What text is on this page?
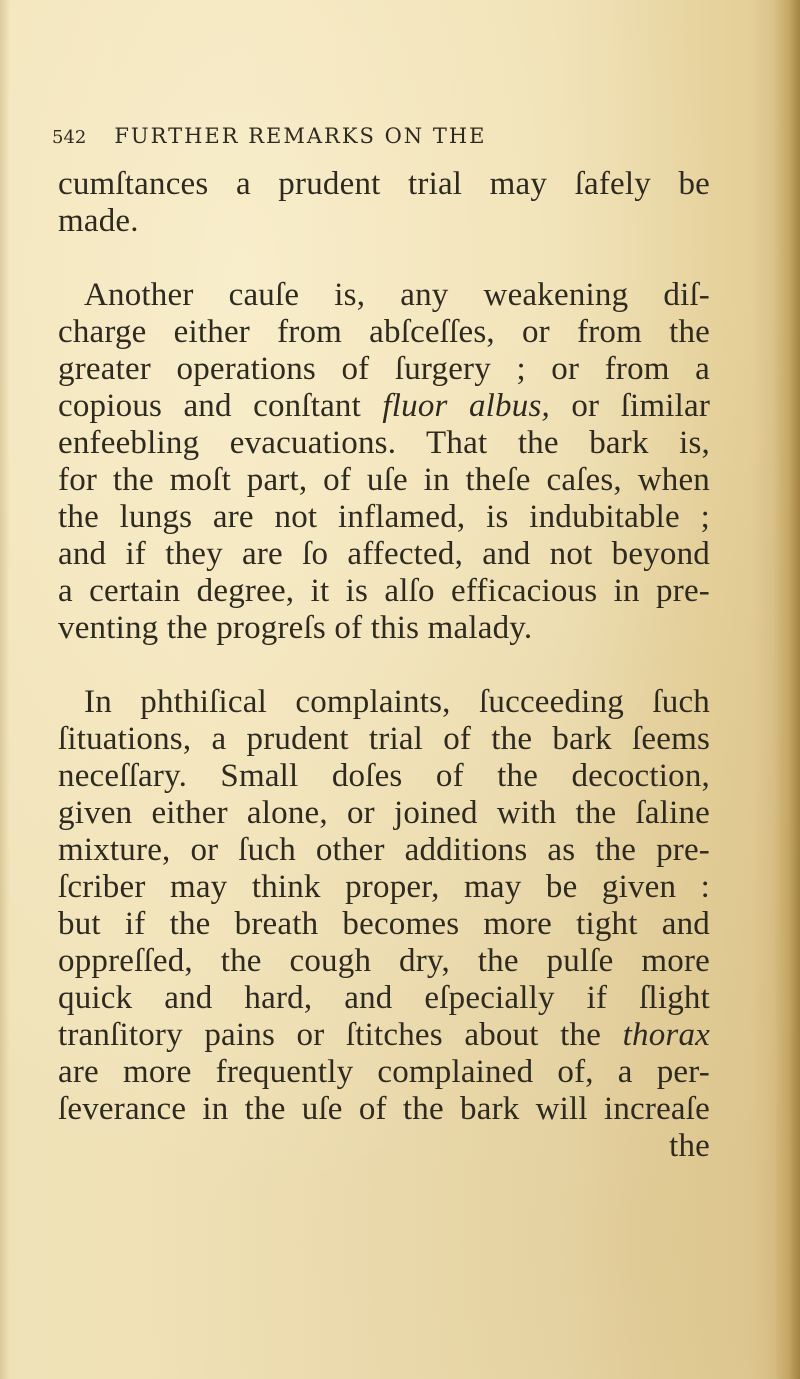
542 FURTHER REMARKS ON THE
cumſtances a prudent trial may ſafely be
made.
Another cauſe is, any weakening diſ-
charge either from abſceſſes, or from the
greater operations of ſurgery ; or from a
copious and conſtant fluor albus, or ſimilar
enfeebling evacuations. That the bark is,
for the moſt part, of uſe in theſe caſes, when
the lungs are not inflamed, is indubitable ;
and if they are ſo affected, and not beyond
a certain degree, it is alſo efficacious in pre-
venting the progreſs of this malady.
In phthiſical complaints, ſucceeding ſuch
ſituations, a prudent trial of the bark ſeems
neceſſary. Small doſes of the decoction,
given either alone, or joined with the ſaline
mixture, or ſuch other additions as the pre-
ſcriber may think proper, may be given :
but if the breath becomes more tight and
oppreſſed, the cough dry, the pulſe more
quick and hard, and eſpecially if ſlight
tranſitory pains or ſtitches about the thorax
are more frequently complained of, a per-
ſeverance in the uſe of the bark will increaſe
the
